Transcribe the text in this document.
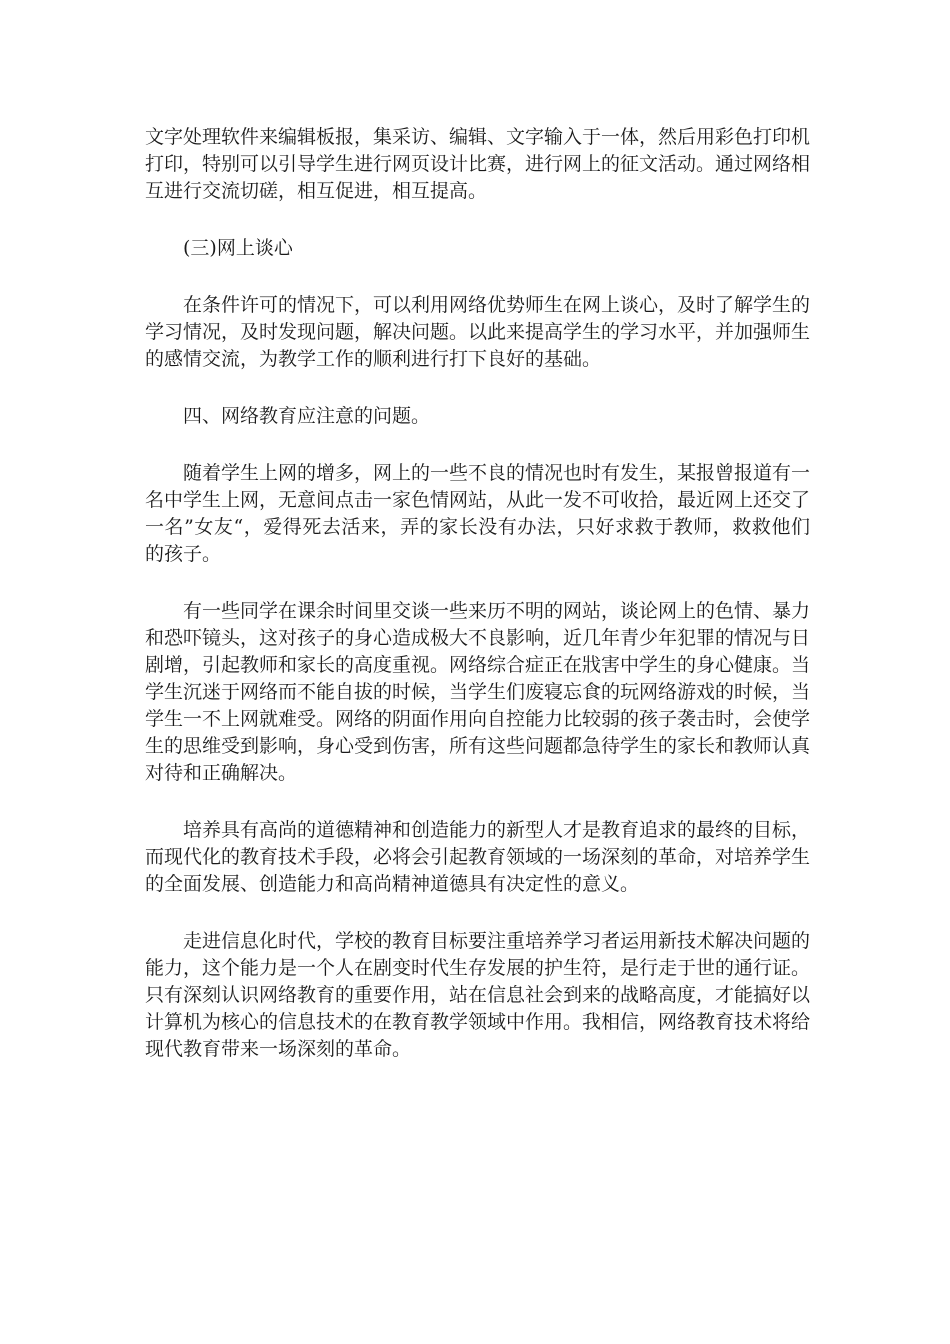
文字处理软件来编辑板报，集采访、编辑、文字输入于一体，然后用彩色打印机打印，特别可以引导学生进行网页设计比赛，进行网上的征文活动。通过网络相互进行交流切磋，相互促进，相互提高。

(三)网上谈心

在条件许可的情况下，可以利用网络优势师生在网上谈心，及时了解学生的学习情况，及时发现问题，解决问题。以此来提高学生的学习水平，并加强师生的感情交流，为教学工作的顺利进行打下良好的基础。

四、网络教育应注意的问题。

随着学生上网的增多，网上的一些不良的情况也时有发生，某报曾报道有一名中学生上网，无意间点击一家色情网站，从此一发不可收拾，最近网上还交了一名”女友“，爱得死去活来，弄的家长没有办法，只好求救于教师，救救他们的孩子。

有一些同学在课余时间里交谈一些来历不明的网站，谈论网上的色情、暴力和恐吓镜头，这对孩子的身心造成极大不良影响，近几年青少年犯罪的情况与日剧增，引起教师和家长的高度重视。网络综合症正在戕害中学生的身心健康。当学生沉迷于网络而不能自拔的时候，当学生们废寝忘食的玩网络游戏的时候，当学生一不上网就难受。网络的阴面作用向自控能力比较弱的孩子袭击时，会使学生的思维受到影响，身心受到伤害，所有这些问题都急待学生的家长和教师认真对待和正确解决。

培养具有高尚的道德精神和创造能力的新型人才是教育追求的最终的目标，而现代化的教育技术手段，必将会引起教育领域的一场深刻的革命，对培养学生的全面发展、创造能力和高尚精神道德具有决定性的意义。

走进信息化时代，学校的教育目标要注重培养学习者运用新技术解决问题的能力，这个能力是一个人在剧变时代生存发展的护生符，是行走于世的通行证。只有深刻认识网络教育的重要作用，站在信息社会到来的战略高度，才能搞好以计算机为核心的信息技术的在教育教学领域中作用。我相信，网络教育技术将给现代教育带来一场深刻的革命。
